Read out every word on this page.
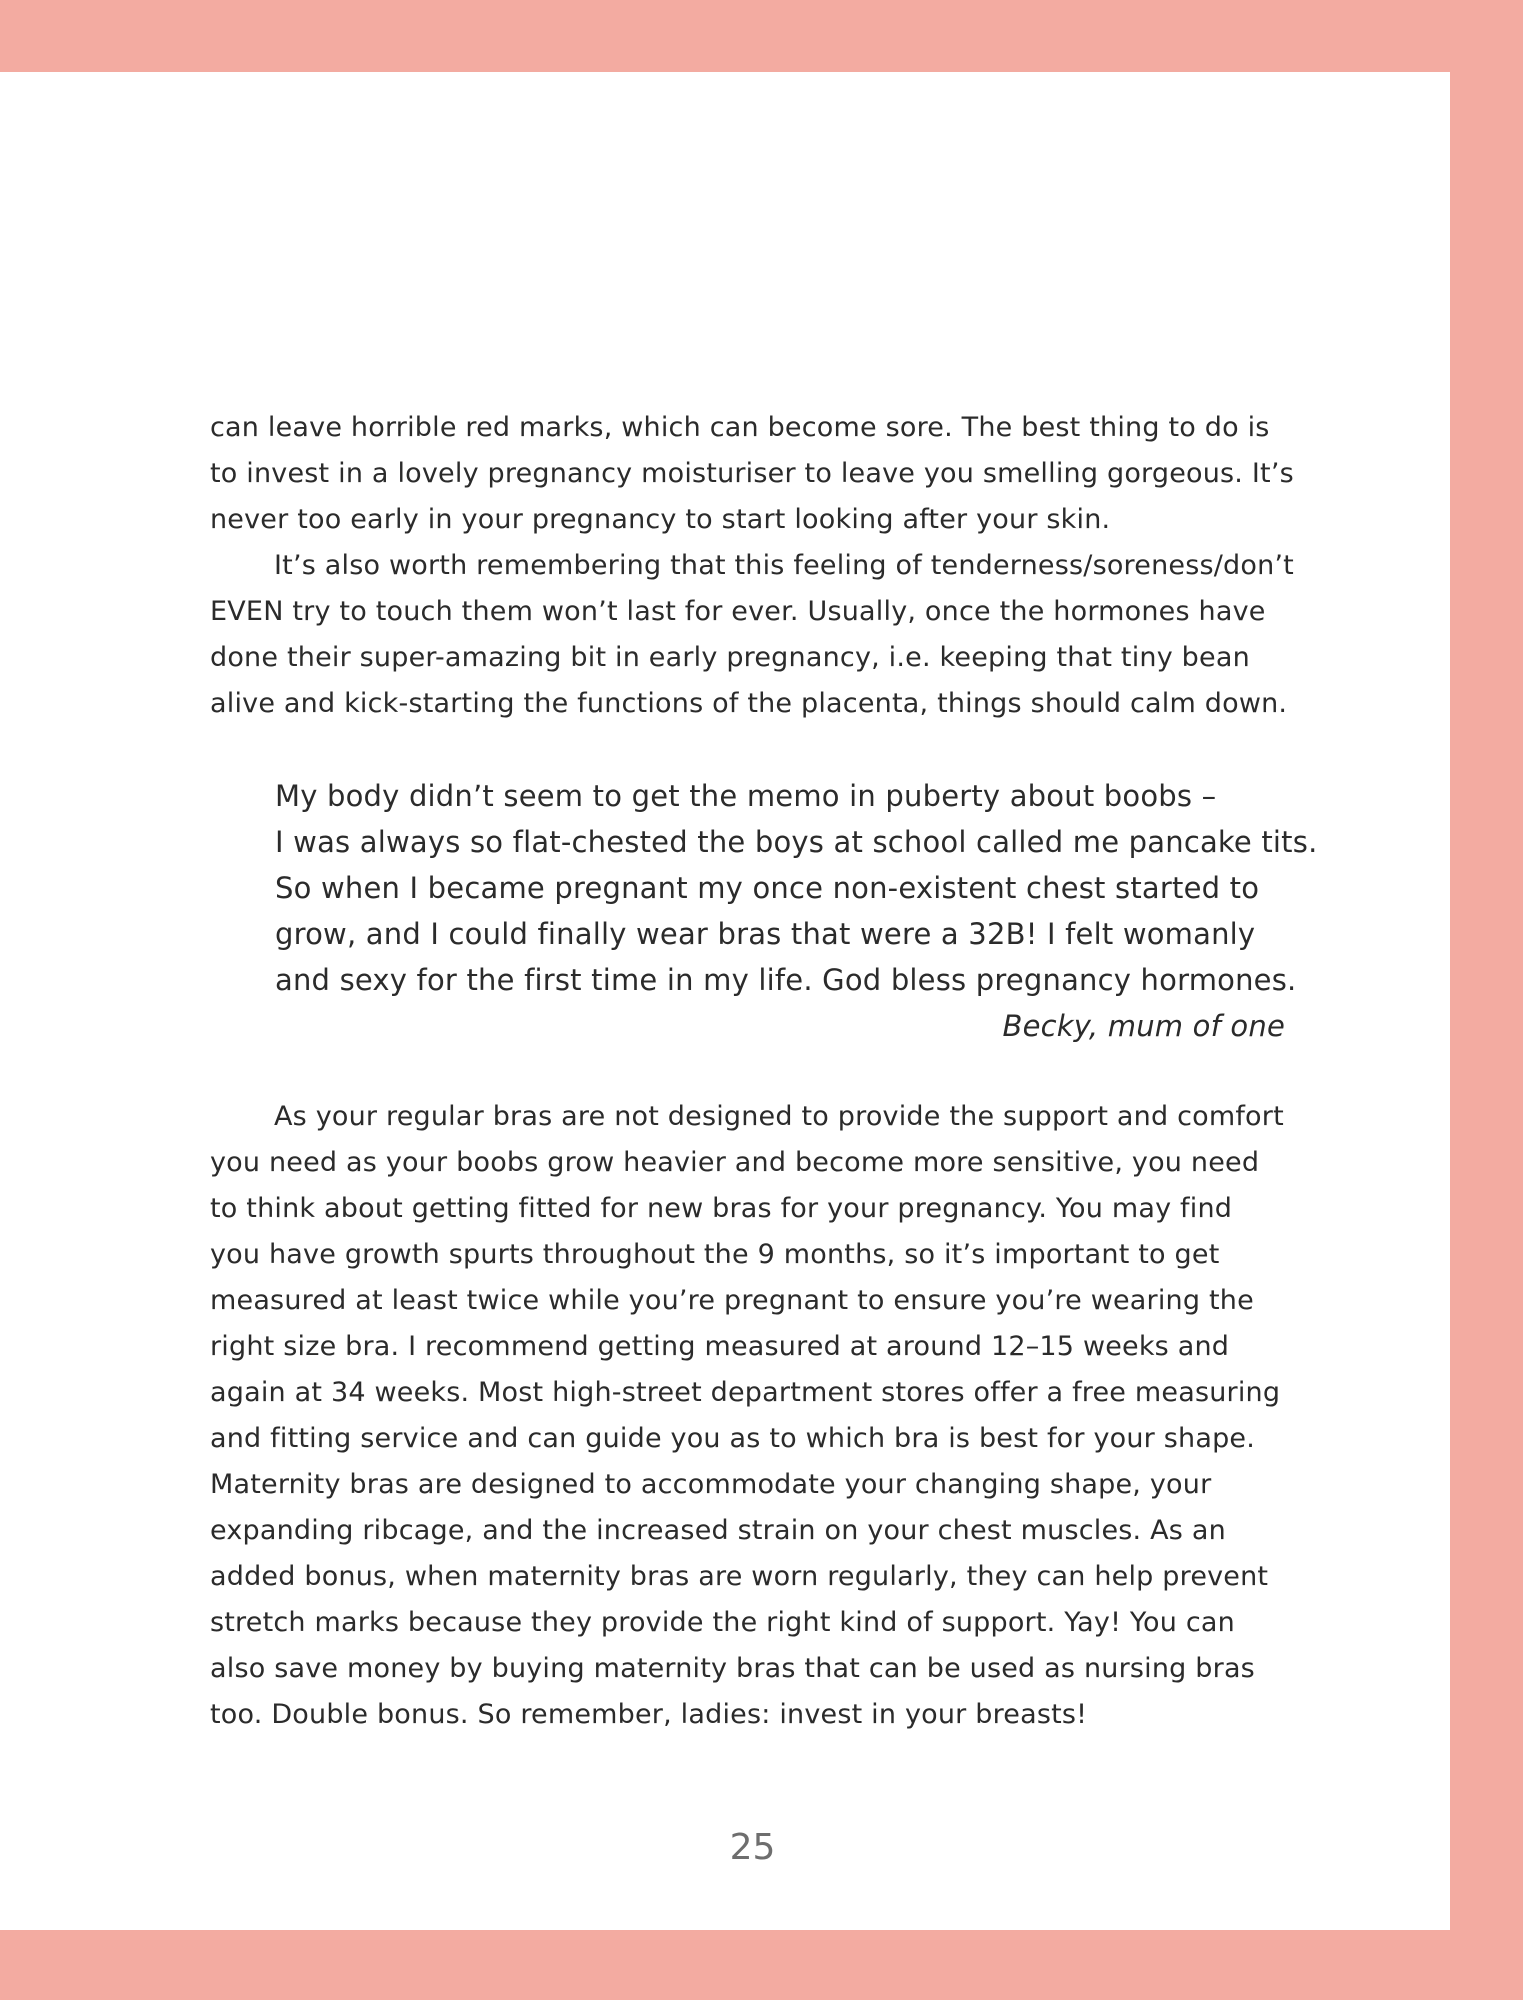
can leave horrible red marks, which can become sore. The best thing to do is
to invest in a lovely pregnancy moisturiser to leave you smelling gorgeous. It’s
never too early in your pregnancy to start looking after your skin.

It’s also worth remembering that this feeling of tenderness/soreness/don’t
EVEN try to touch them won’t last for ever. Usually, once the hormones have
done their super-amazing bit in early pregnancy, i.e. keeping that tiny bean
alive and kick-starting the functions of the placenta, things should calm down.

My body didn’t seem to get the memo in puberty about boobs –
I was always so flat-chested the boys at school called me pancake tits.
So when I became pregnant my once non-existent chest started to
grow, and I could finally wear bras that were a 32B! I felt womanly
and sexy for the first time in my life. God bless pregnancy hormones.
Becky, mum of one

As your regular bras are not designed to provide the support and comfort
you need as your boobs grow heavier and become more sensitive, you need
to think about getting fitted for new bras for your pregnancy. You may find
you have growth spurts throughout the 9 months, so it’s important to get
measured at least twice while you’re pregnant to ensure you’re wearing the
right size bra. I recommend getting measured at around 12–15 weeks and
again at 34 weeks. Most high-street department stores offer a free measuring
and fitting service and can guide you as to which bra is best for your shape.
Maternity bras are designed to accommodate your changing shape, your
expanding ribcage, and the increased strain on your chest muscles. As an
added bonus, when maternity bras are worn regularly, they can help prevent
stretch marks because they provide the right kind of support. Yay! You can
also save money by buying maternity bras that can be used as nursing bras
too. Double bonus. So remember, ladies: invest in your breasts!

25
